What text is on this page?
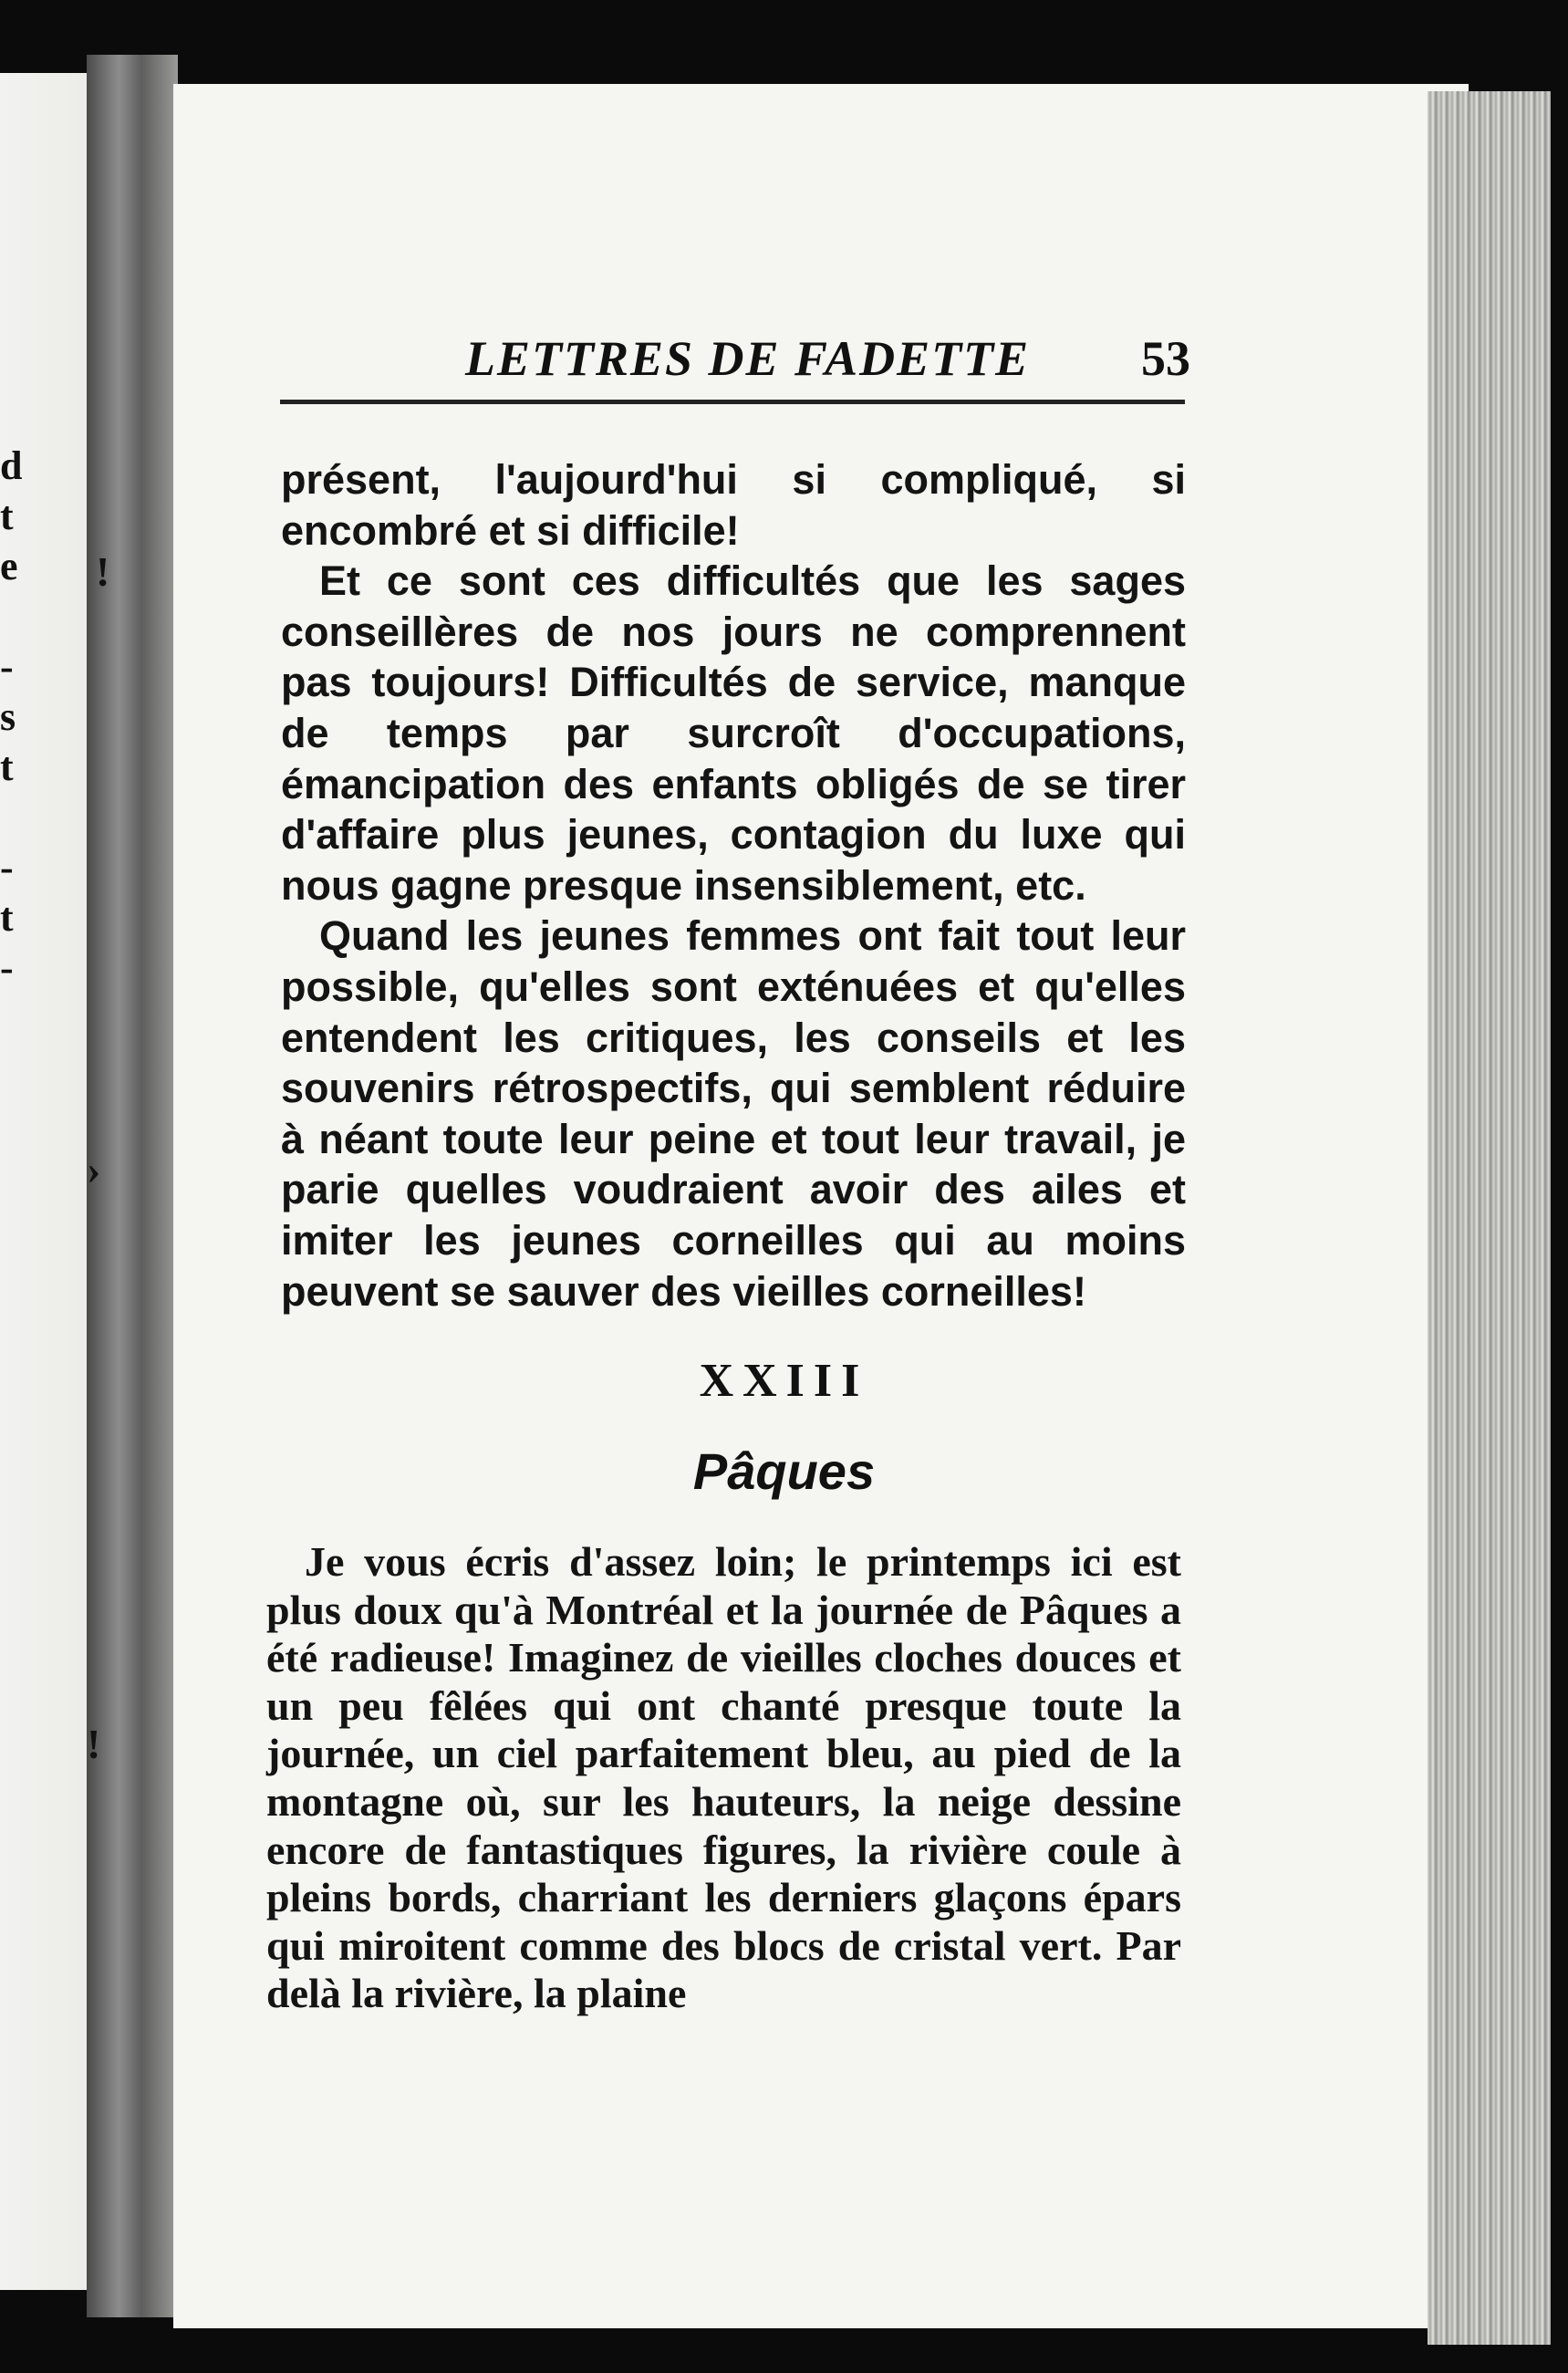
d
t
e
-
s
t
-
t
-
!
›
!
LETTRES DE FADETTE 53

présent, l'aujourd'hui si compliqué, si encombré et si difficile!

Et ce sont ces difficultés que les sages conseillères de nos jours ne comprennent pas toujours! Difficultés de service, manque de temps par surcroît d'occupations, émancipation des enfants obligés de se tirer d'affaire plus jeunes, contagion du luxe qui nous gagne presque insensiblement, etc.

Quand les jeunes femmes ont fait tout leur possible, qu'elles sont exténuées et qu'elles entendent les critiques, les conseils et les souvenirs rétrospectifs, qui semblent réduire à néant toute leur peine et tout leur travail, je parie quelles voudraient avoir des ailes et imiter les jeunes corneilles qui au moins peuvent se sauver des vieilles corneilles!

XXIII
Pâques

Je vous écris d'assez loin; le printemps ici est plus doux qu'à Montréal et la journée de Pâques a été radieuse! Imaginez de vieilles cloches douces et un peu fêlées qui ont chanté presque toute la journée, un ciel parfaitement bleu, au pied de la montagne où, sur les hauteurs, la neige dessine encore de fantastiques figures, la rivière coule à pleins bords, charriant les derniers glaçons épars qui miroitent comme des blocs de cristal vert. Par delà la rivière, la plaine
